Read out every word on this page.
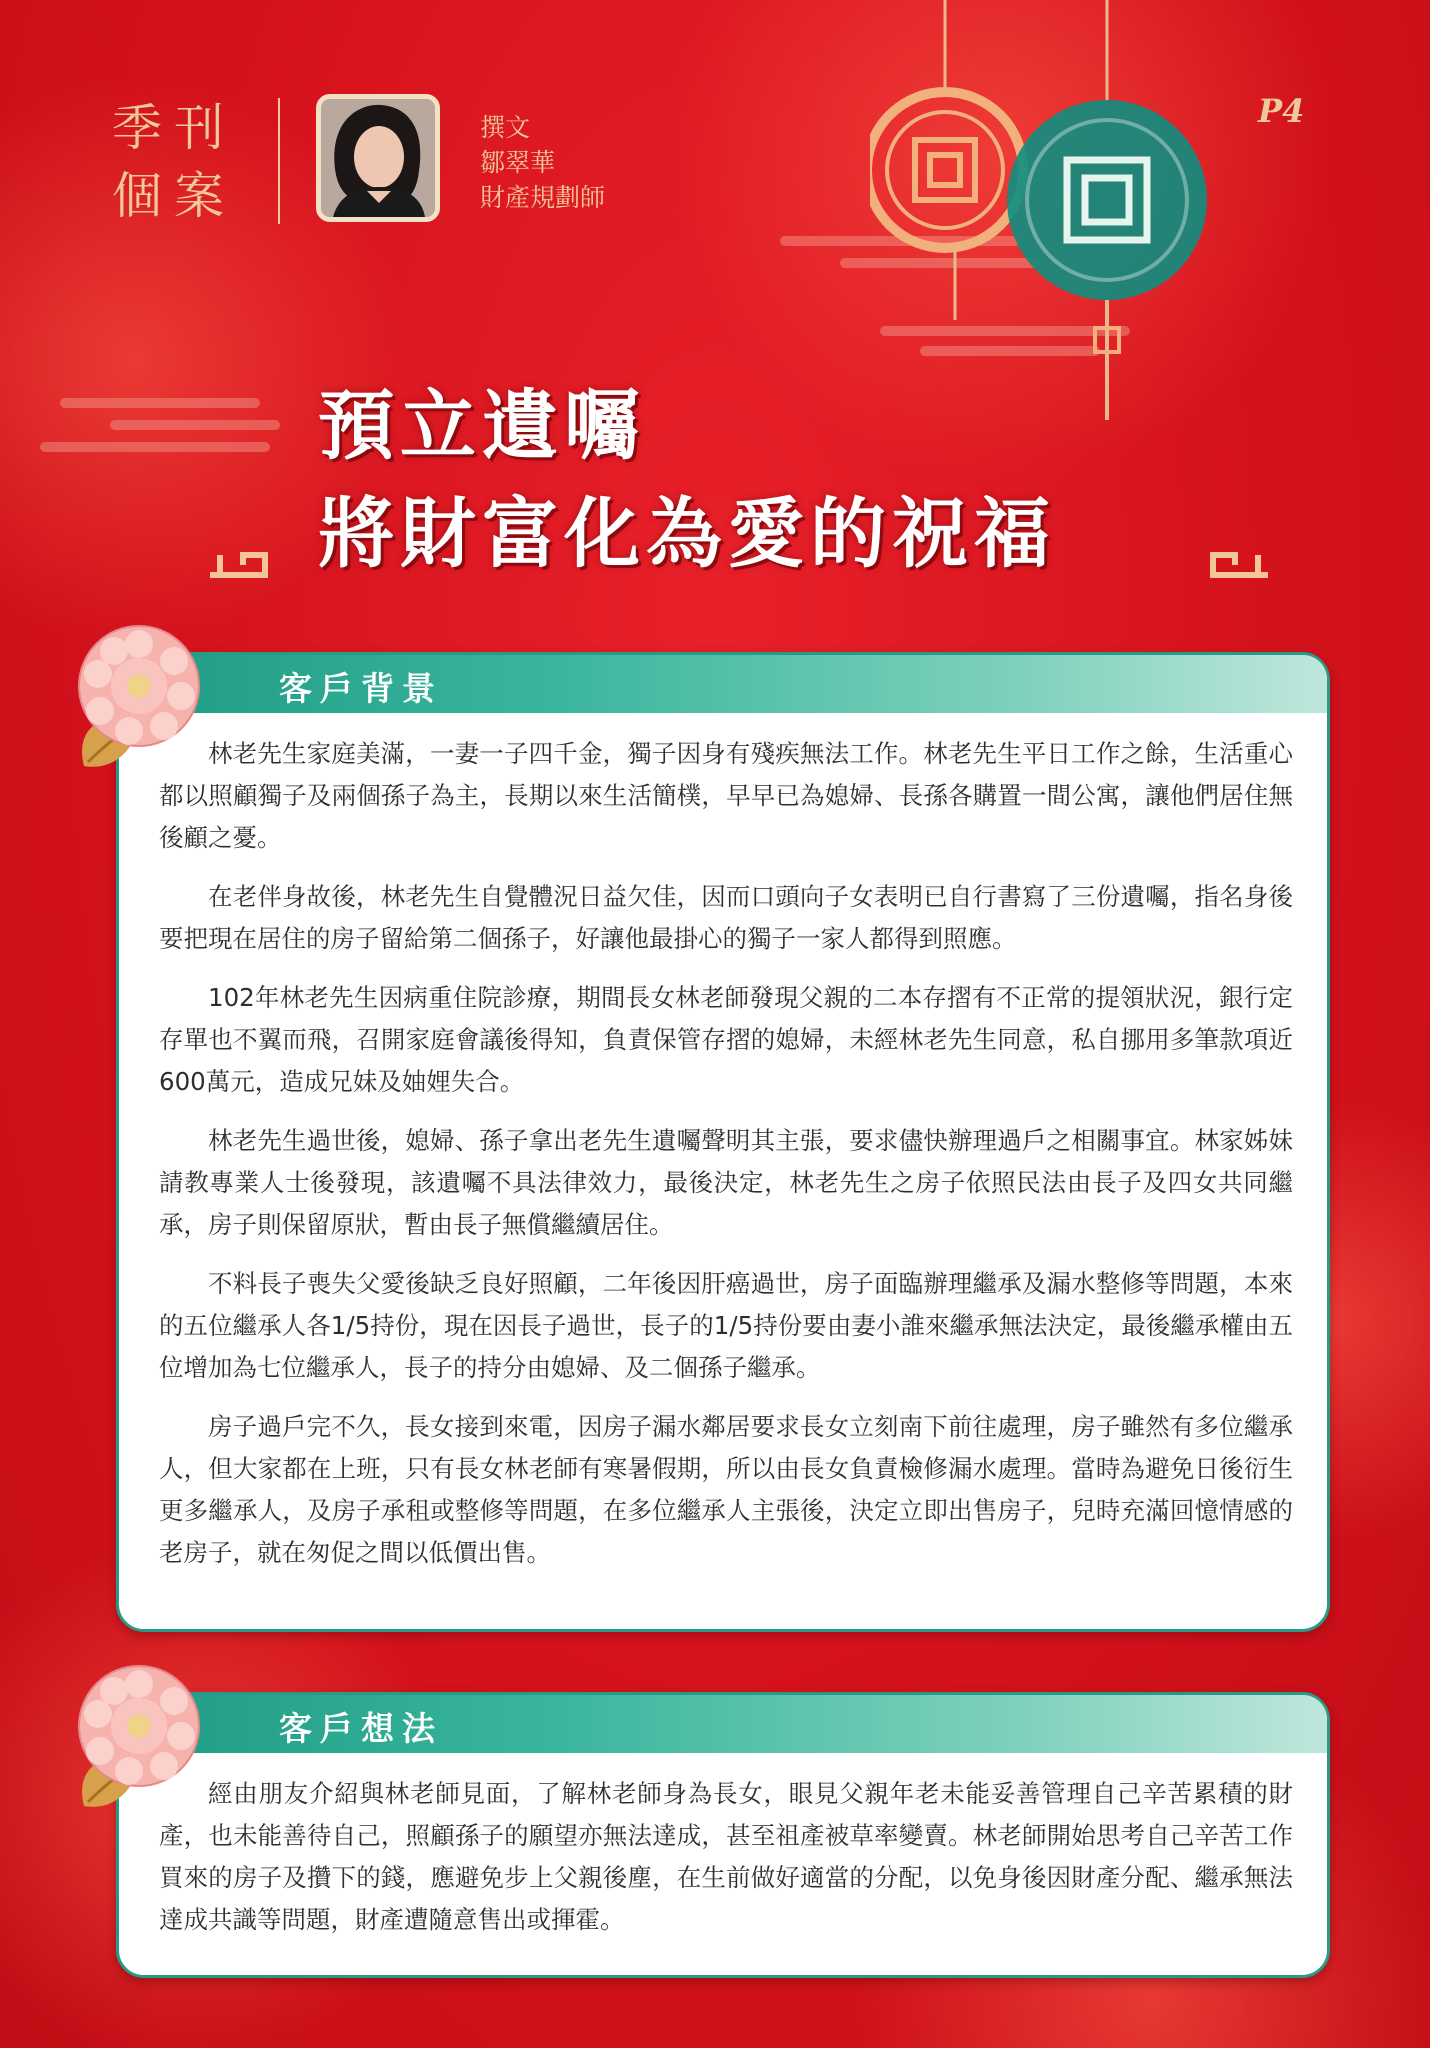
季刊
個案
撰文
鄒翠華
財產規劃師
P4
預立遺囑
將財富化為愛的祝福
客戶背景

林老先生家庭美滿，一妻一子四千金，獨子因身有殘疾無法工作。林老先生平日工作之餘，生活重心都以照顧獨子及兩個孫子為主，長期以來生活簡樸，早早已為媳婦、長孫各購置一間公寓，讓他們居住無後顧之憂。

在老伴身故後，林老先生自覺體況日益欠佳，因而口頭向子女表明已自行書寫了三份遺囑，指名身後要把現在居住的房子留給第二個孫子，好讓他最掛心的獨子一家人都得到照應。

102年林老先生因病重住院診療，期間長女林老師發現父親的二本存摺有不正常的提領狀況，銀行定存單也不翼而飛，召開家庭會議後得知，負責保管存摺的媳婦，未經林老先生同意，私自挪用多筆款項近600萬元，造成兄妹及妯娌失合。

林老先生過世後，媳婦、孫子拿出老先生遺囑聲明其主張，要求儘快辦理過戶之相關事宜。林家姊妹請教專業人士後發現，該遺囑不具法律效力，最後決定，林老先生之房子依照民法由長子及四女共同繼承，房子則保留原狀，暫由長子無償繼續居住。

不料長子喪失父愛後缺乏良好照顧，二年後因肝癌過世，房子面臨辦理繼承及漏水整修等問題，本來的五位繼承人各1/5持份，現在因長子過世，長子的1/5持份要由妻小誰來繼承無法決定，最後繼承權由五位增加為七位繼承人，長子的持分由媳婦、及二個孫子繼承。

房子過戶完不久，長女接到來電，因房子漏水鄰居要求長女立刻南下前往處理，房子雖然有多位繼承人，但大家都在上班，只有長女林老師有寒暑假期，所以由長女負責檢修漏水處理。當時為避免日後衍生更多繼承人，及房子承租或整修等問題，在多位繼承人主張後，決定立即出售房子，兒時充滿回憶情感的老房子，就在匆促之間以低價出售。

客戶想法

經由朋友介紹與林老師見面，了解林老師身為長女，眼見父親年老未能妥善管理自己辛苦累積的財產，也未能善待自己，照顧孫子的願望亦無法達成，甚至祖產被草率變賣。林老師開始思考自己辛苦工作買來的房子及攢下的錢，應避免步上父親後塵，在生前做好適當的分配，以免身後因財產分配、繼承無法達成共識等問題，財產遭隨意售出或揮霍。
